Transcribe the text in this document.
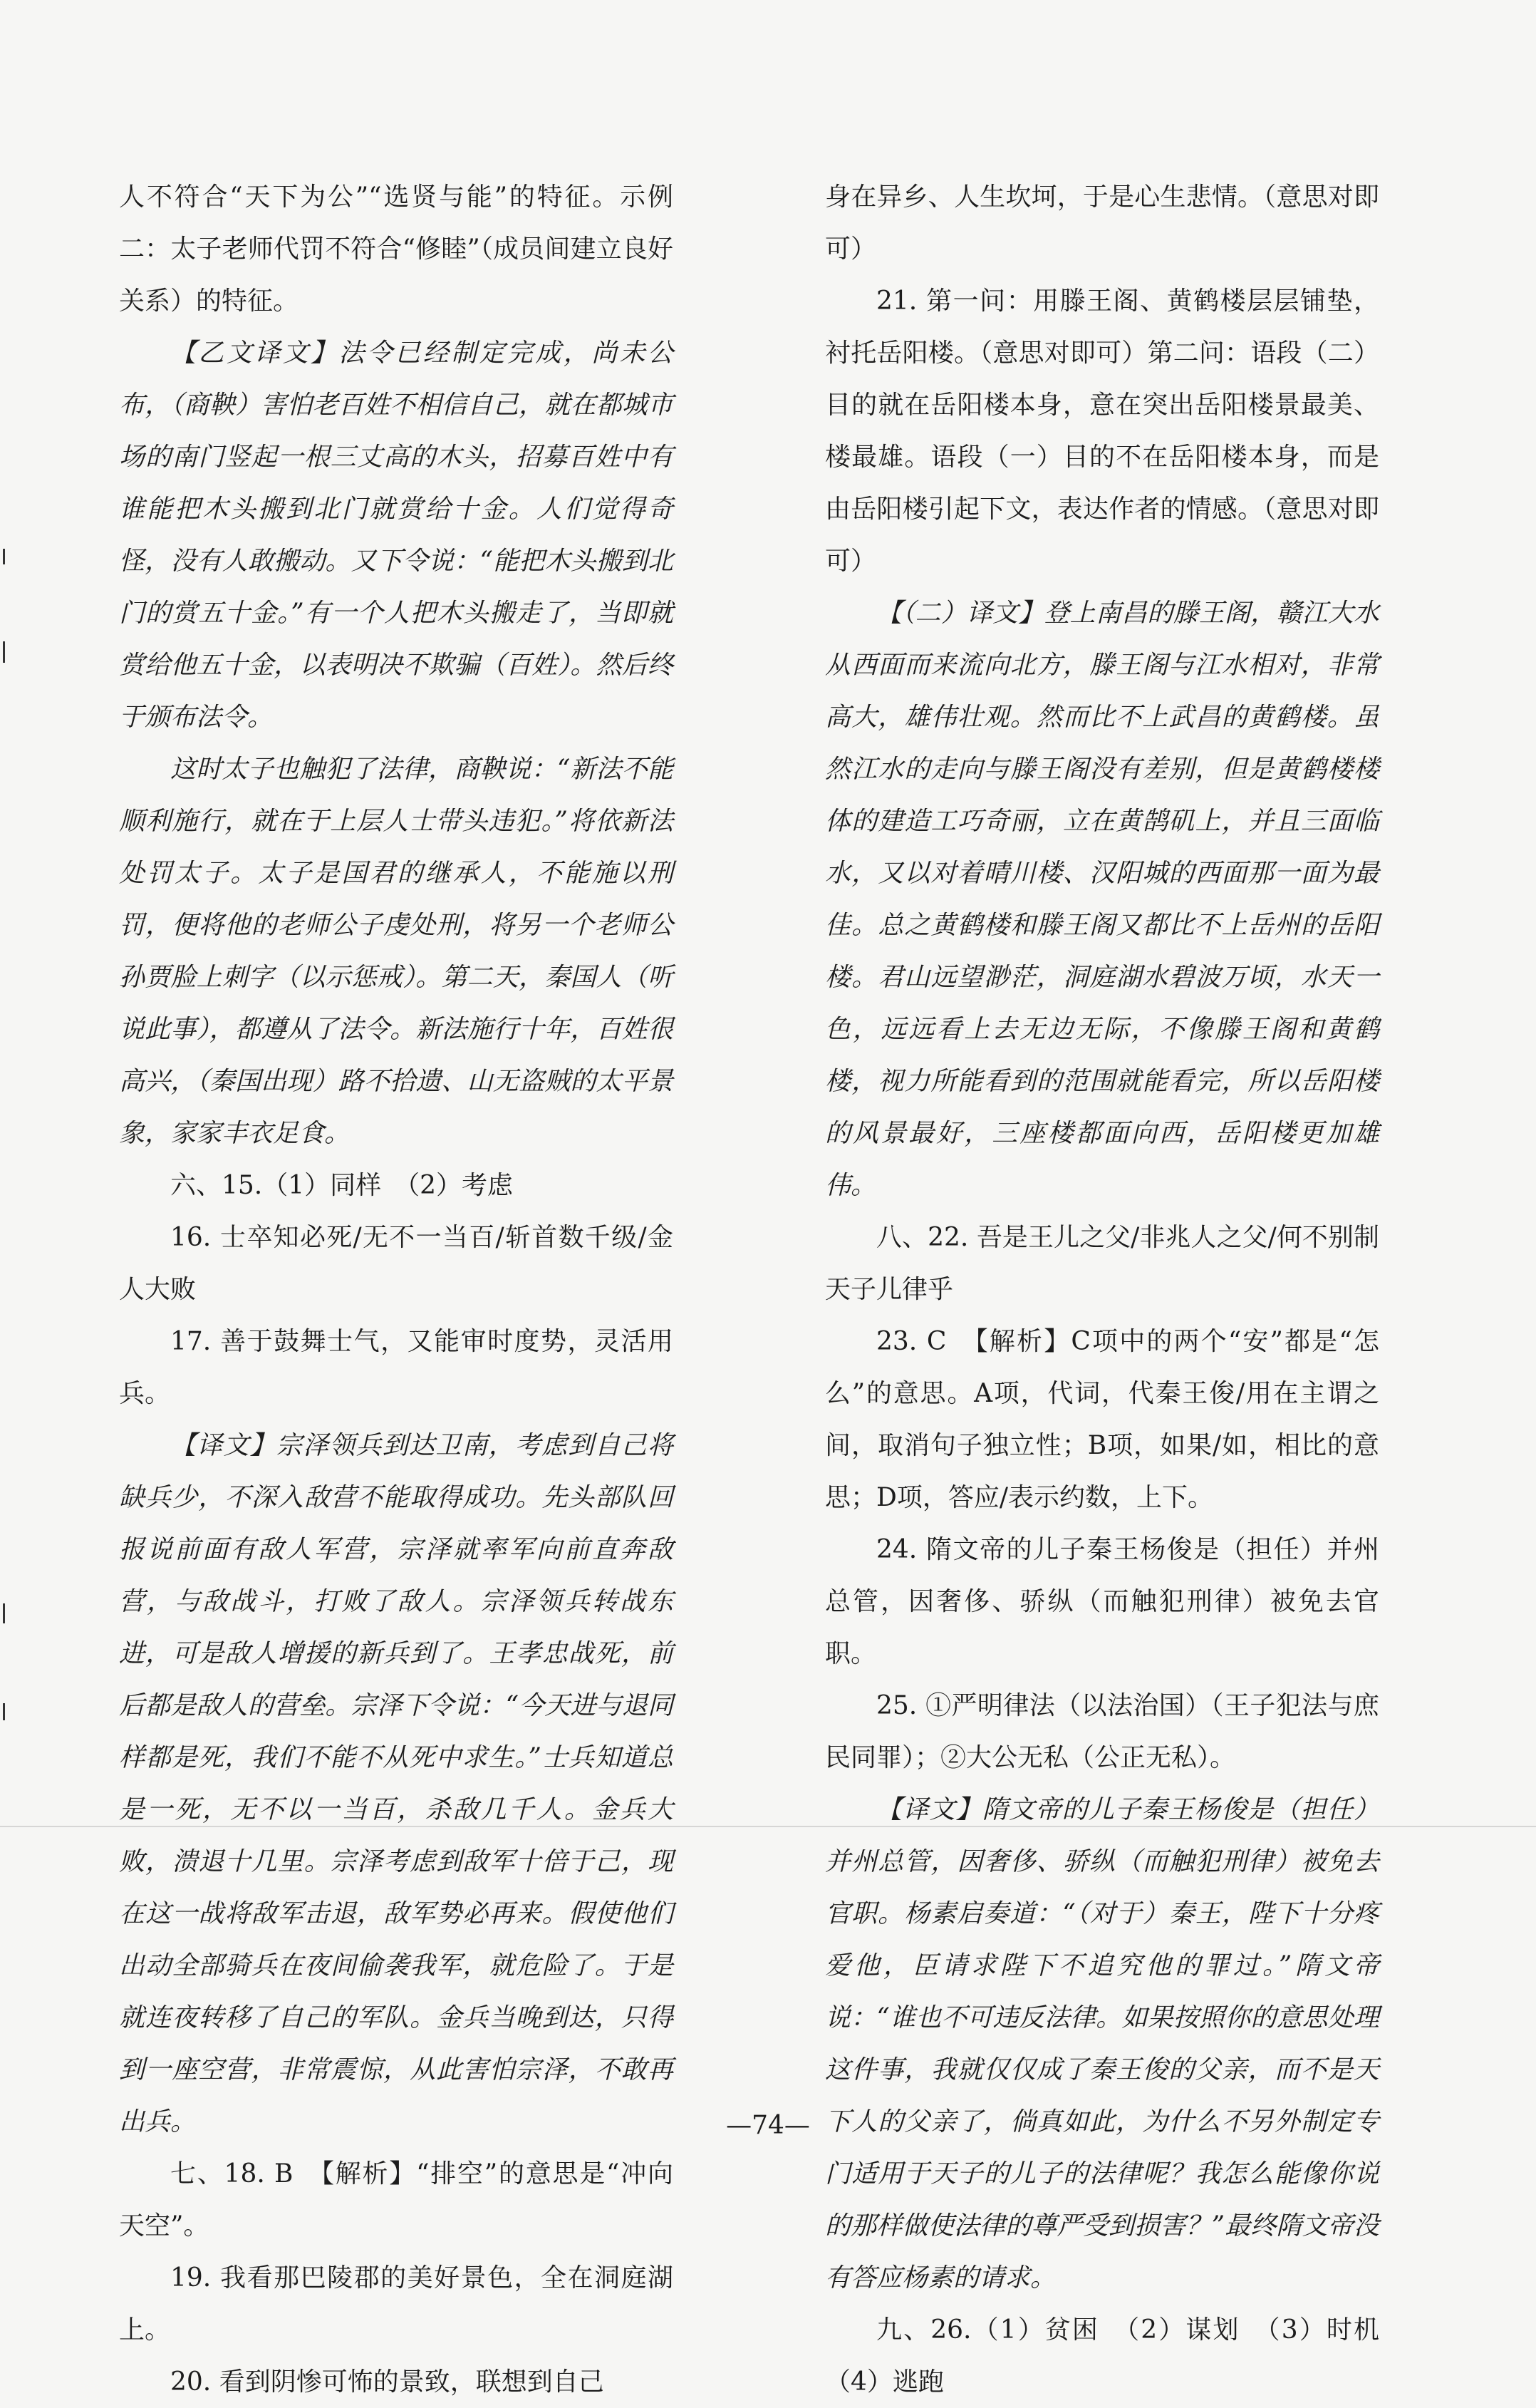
人不符合“天下为公”“选贤与能”的特征。示例二：太子老师代罚不符合“修睦”（成员间建立良好关系）的特征。

【乙文译文】法令已经制定完成，尚未公布，（商鞅）害怕老百姓不相信自己，就在都城市场的南门竖起一根三丈高的木头，招募百姓中有谁能把木头搬到北门就赏给十金。人们觉得奇怪，没有人敢搬动。又下令说：“能把木头搬到北门的赏五十金。”有一个人把木头搬走了，当即就赏给他五十金，以表明决不欺骗（百姓）。然后终于颁布法令。

这时太子也触犯了法律，商鞅说：“新法不能顺利施行，就在于上层人士带头违犯。”将依新法处罚太子。太子是国君的继承人，不能施以刑罚，便将他的老师公子虔处刑，将另一个老师公孙贾脸上刺字（以示惩戒）。第二天，秦国人（听说此事），都遵从了法令。新法施行十年，百姓很高兴，（秦国出现）路不拾遗、山无盗贼的太平景象，家家丰衣足食。

六、15.（1）同样　（2）考虑

16. 士卒知必死/无不一当百/斩首数千级/金人大败

17. 善于鼓舞士气，又能审时度势，灵活用兵。

【译文】宗泽领兵到达卫南，考虑到自己将缺兵少，不深入敌营不能取得成功。先头部队回报说前面有敌人军营，宗泽就率军向前直奔敌营，与敌战斗，打败了敌人。宗泽领兵转战东进，可是敌人增援的新兵到了。王孝忠战死，前后都是敌人的营垒。宗泽下令说：“今天进与退同样都是死，我们不能不从死中求生。”士兵知道总是一死，无不以一当百，杀敌几千人。金兵大败，溃退十几里。宗泽考虑到敌军十倍于己，现在这一战将敌军击退，敌军势必再来。假使他们出动全部骑兵在夜间偷袭我军，就危险了。于是就连夜转移了自己的军队。金兵当晚到达，只得到一座空营，非常震惊，从此害怕宗泽，不敢再出兵。

七、18. B　【解析】“排空”的意思是“冲向天空”。

19. 我看那巴陵郡的美好景色，全在洞庭湖上。

20. 看到阴惨可怖的景致，联想到自己

身在异乡、人生坎坷，于是心生悲情。（意思对即可）

21. 第一问：用滕王阁、黄鹤楼层层铺垫，衬托岳阳楼。（意思对即可）第二问：语段（二）目的就在岳阳楼本身，意在突出岳阳楼景最美、楼最雄。语段（一）目的不在岳阳楼本身，而是由岳阳楼引起下文，表达作者的情感。（意思对即可）

【（二）译文】登上南昌的滕王阁，赣江大水从西面而来流向北方，滕王阁与江水相对，非常高大，雄伟壮观。然而比不上武昌的黄鹤楼。虽然江水的走向与滕王阁没有差别，但是黄鹤楼楼体的建造工巧奇丽，立在黄鹄矶上，并且三面临水，又以对着晴川楼、汉阳城的西面那一面为最佳。总之黄鹤楼和滕王阁又都比不上岳州的岳阳楼。君山远望渺茫，洞庭湖水碧波万顷，水天一色，远远看上去无边无际，不像滕王阁和黄鹤楼，视力所能看到的范围就能看完，所以岳阳楼的风景最好，三座楼都面向西，岳阳楼更加雄伟。

八、22. 吾是王儿之父/非兆人之父/何不别制天子儿律乎

23. C　【解析】C项中的两个“安”都是“怎么”的意思。A项，代词，代秦王俊/用在主谓之间，取消句子独立性；B项，如果/如，相比的意思；D项，答应/表示约数，上下。

24. 隋文帝的儿子秦王杨俊是（担任）并州总管，因奢侈、骄纵（而触犯刑律）被免去官职。

25. ①严明律法（以法治国）（王子犯法与庶民同罪）；②大公无私（公正无私）。

【译文】隋文帝的儿子秦王杨俊是（担任）并州总管，因奢侈、骄纵（而触犯刑律）被免去官职。杨素启奏道：“（对于）秦王，陛下十分疼爱他，臣请求陛下不追究他的罪过。”隋文帝说：“谁也不可违反法律。如果按照你的意思处理这件事，我就仅仅成了秦王俊的父亲，而不是天下人的父亲了，倘真如此，为什么不另外制定专门适用于天子的儿子的法律呢？我怎么能像你说的那样做使法律的尊严受到损害？”最终隋文帝没有答应杨素的请求。

九、26.（1）贫困　（2）谋划　（3）时机　（4）逃跑

—74—
